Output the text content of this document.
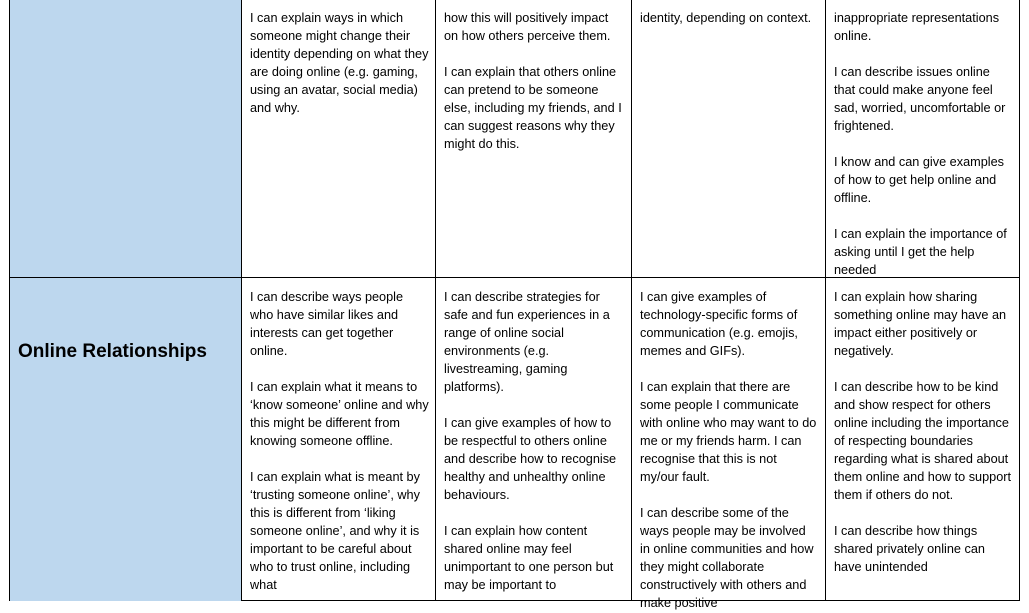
I can explain ways in which someone might change their identity depending on what they are doing online (e.g. gaming, using an avatar, social media) and why.

how this will positively impact on how others perceive them.

I can explain that others online can pretend to be someone else, including my friends, and I can suggest reasons why they might do this.

identity, depending on context.	inappropriate representations online.

I can describe issues online that could make anyone feel sad, worried, uncomfortable or frightened.

I know and can give examples of how to get help online and offline.

I can explain the importance of asking until I get the help needed

Online Relationships

I can describe ways people who have similar likes and interests can get together online.

I can explain what it means to ‘know someone’ online and why this might be different from knowing someone offline.

I can explain what is meant by ‘trusting someone online’, why this is different from ‘liking someone online’, and why it is important to be careful about who to trust online, including what

I can describe strategies for safe and fun experiences in a range of online social environments (e.g. livestreaming, gaming platforms).

I can give examples of how to be respectful to others online and describe how to recognise healthy and unhealthy online behaviours.

I can explain how content shared online may feel unimportant to one person but may be important to

I can give examples of technology-specific forms of communication (e.g. emojis, memes and GIFs).

I can explain that there are some people I communicate with online who may want to do me or my friends harm. I can recognise that this is not my/our fault.

I can describe some of the ways people may be involved in online communities and how they might collaborate constructively with others and make positive

I can explain how sharing something online may have an impact either positively or negatively.

I can describe how to be kind and show respect for others online including the importance of respecting boundaries regarding what is shared about them online and how to support them if others do not.

I can describe how things shared privately online can have unintended
